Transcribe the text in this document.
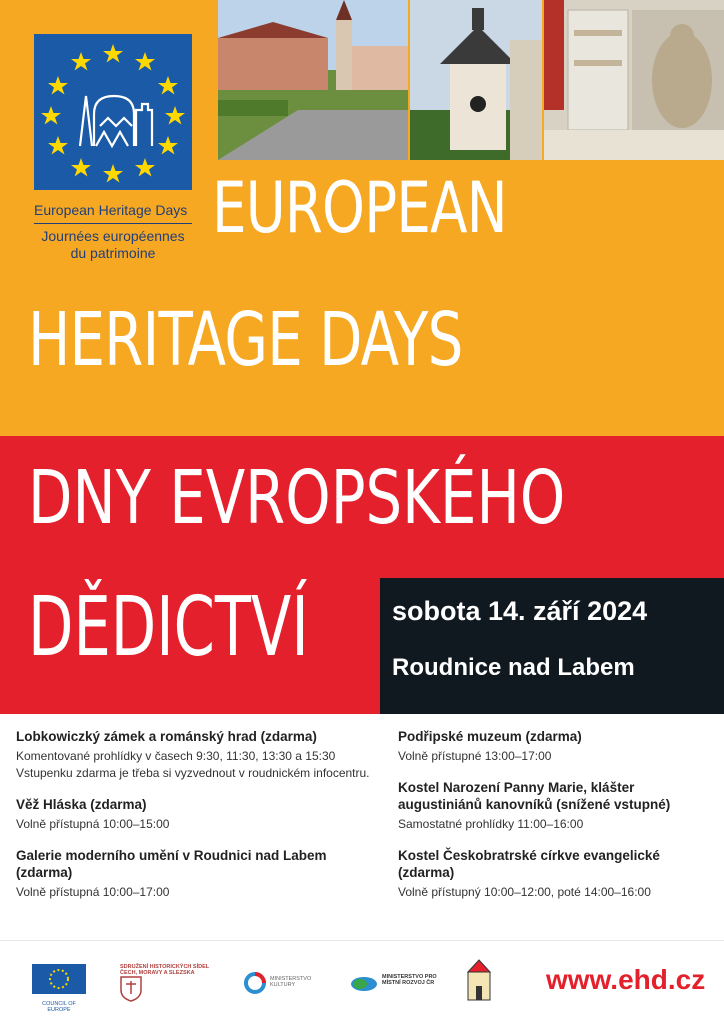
European Heritage Days
Journées européennes du patrimoine
EUROPEAN
HERITAGE DAYS
DNY EVROPSKÉHO
DĚDICTVÍ	sobota 14. září 2024
Roudnice nad Labem
Lobkowiczký zámek a románský hrad (zdarma)
Komentované prohlídky v časech 9:30, 11:30, 13:30 a 15:30 Vstupenku zdarma je třeba si vyzvednout v roudnickém infocentru.
Věž Hláska (zdarma)
Volně přístupná 10:00–15:00
Galerie moderního umění v Roudnici nad Labem (zdarma)
Volně přístupná 10:00–17:00
Podřipské muzeum (zdarma)
Volně přístupné 13:00–17:00
Kostel Narození Panny Marie, klášter augustiniánů kanovníků (snížené vstupné)
Samostatné prohlídky 11:00–16:00
Kostel Českobratrské církve evangelické (zdarma)
Volně přístupný 10:00–12:00, poté 14:00–16:00
COUNCIL OF EUROPE
SDRUŽENÍ HISTORICKÝCH SÍDEL ČECH, MORAVY A SLEZSKA
MINISTERSTVO KULTURY
MINISTERSTVO PRO MÍSTNÍ ROZVOJ ČR	www.ehd.cz
